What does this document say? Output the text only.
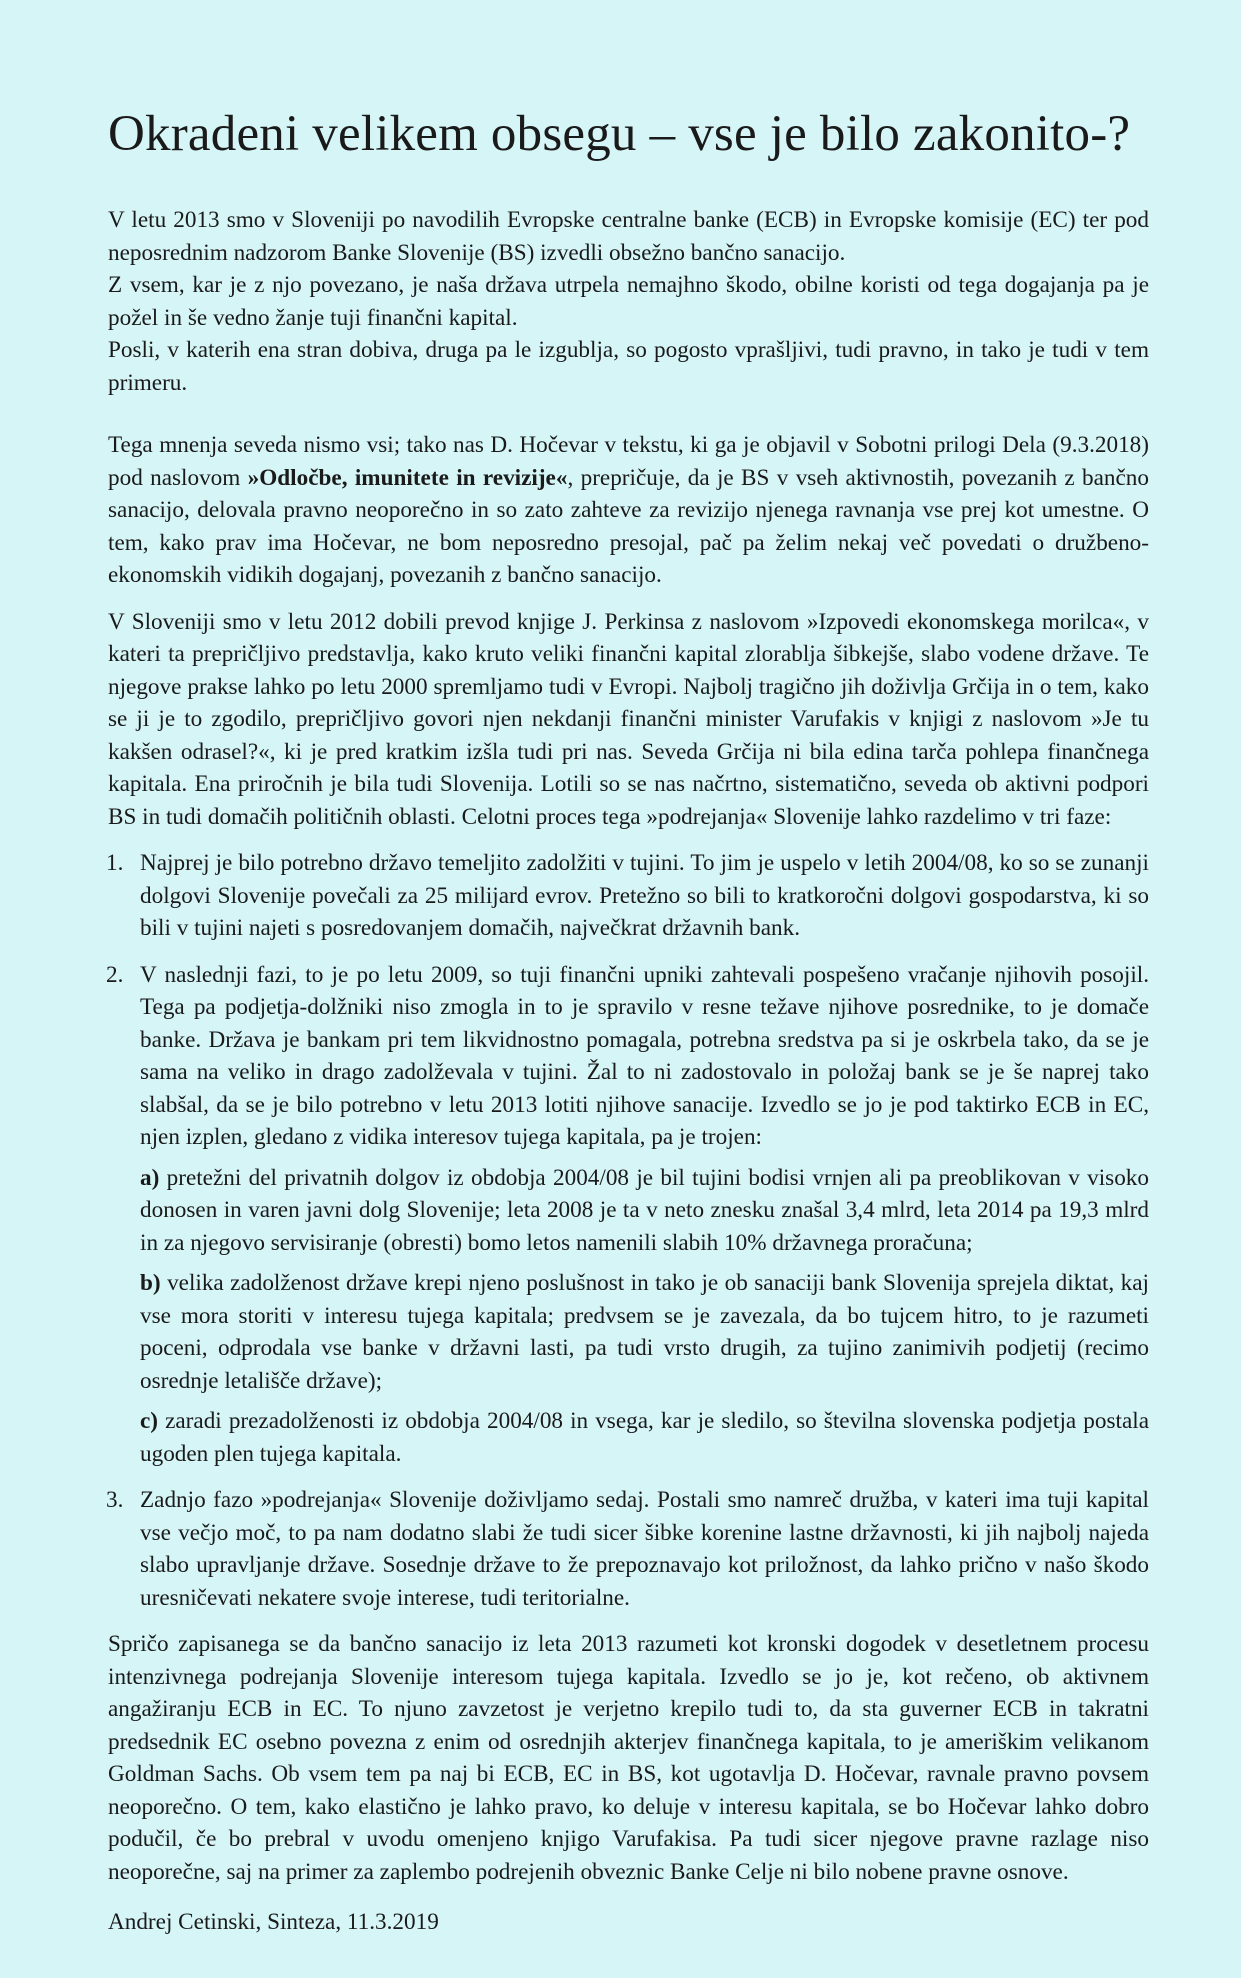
Okradeni velikem obsegu – vse je bilo zakonito-?

V letu 2013 smo v Sloveniji po navodilih Evropske centralne banke (ECB) in Evropske komisije (EC) ter pod neposrednim nadzorom Banke Slovenije (BS) izvedli obsežno bančno sanacijo.

Z vsem, kar je z njo povezano, je naša država utrpela nemajhno škodo, obilne koristi od tega dogajanja pa je požel in še vedno žanje tuji finančni kapital.

Posli, v katerih ena stran dobiva, druga pa le izgublja, so pogosto vprašljivi, tudi pravno, in tako je tudi v tem primeru.

Tega mnenja seveda nismo vsi; tako nas D. Hočevar v tekstu, ki ga je objavil v Sobotni prilogi Dela (9.3.2018) pod naslovom »Odločbe, imunitete in revizije«, prepričuje, da je BS v vseh aktivnostih, povezanih z bančno sanacijo, delovala pravno neoporečno in so zato zahteve za revizijo njenega ravnanja vse prej kot umestne. O tem, kako prav ima Hočevar, ne bom neposredno presojal, pač pa želim nekaj več povedati o družbeno-ekonomskih vidikih dogajanj, povezanih z bančno sanacijo.

V Sloveniji smo v letu 2012 dobili prevod knjige J. Perkinsa z naslovom »Izpovedi ekonomskega morilca«, v kateri ta prepričljivo predstavlja, kako kruto veliki finančni kapital zlorablja šibkejše, slabo vodene države. Te njegove prakse lahko po letu 2000 spremljamo tudi v Evropi. Najbolj tragično jih doživlja Grčija in o tem, kako se ji je to zgodilo, prepričljivo govori njen nekdanji finančni minister Varufakis v knjigi z naslovom »Je tu kakšen odrasel?«, ki je pred kratkim izšla tudi pri nas. Seveda Grčija ni bila edina tarča pohlepa finančnega kapitala. Ena priročnih je bila tudi Slovenija. Lotili so se nas načrtno, sistematično, seveda ob aktivni podpori BS in tudi domačih političnih oblasti. Celotni proces tega »podrejanja« Slovenije lahko razdelimo v tri faze:

1. Najprej je bilo potrebno državo temeljito zadolžiti v tujini. To jim je uspelo v letih 2004/08, ko so se zunanji dolgovi Slovenije povečali za 25 milijard evrov. Pretežno so bili to kratkoročni dolgovi gospodarstva, ki so bili v tujini najeti s posredovanjem domačih, največkrat državnih bank.

2. V naslednji fazi, to je po letu 2009, so tuji finančni upniki zahtevali pospešeno vračanje njihovih posojil. Tega pa podjetja-dolžniki niso zmogla in to je spravilo v resne težave njihove posrednike, to je domače banke. Država je bankam pri tem likvidnostno pomagala, potrebna sredstva pa si je oskrbela tako, da se je sama na veliko in drago zadolževala v tujini. Žal to ni zadostovalo in položaj bank se je še naprej tako slabšal, da se je bilo potrebno v letu 2013 lotiti njihove sanacije. Izvedlo se jo je pod taktirko ECB in EC, njen izplen, gledano z vidika interesov tujega kapitala, pa je trojen:

a) pretežni del privatnih dolgov iz obdobja 2004/08 je bil tujini bodisi vrnjen ali pa preoblikovan v visoko donosen in varen javni dolg Slovenije; leta 2008 je ta v neto znesku znašal 3,4 mlrd, leta 2014 pa 19,3 mlrd in za njegovo servisiranje (obresti) bomo letos namenili slabih 10% državnega proračuna;

b) velika zadolženost države krepi njeno poslušnost in tako je ob sanaciji bank Slovenija sprejela diktat, kaj vse mora storiti v interesu tujega kapitala; predvsem se je zavezala, da bo tujcem hitro, to je razumeti poceni, odprodala vse banke v državni lasti, pa tudi vrsto drugih, za tujino zanimivih podjetij (recimo osrednje letališče države);

c) zaradi prezadolženosti iz obdobja 2004/08 in vsega, kar je sledilo, so številna slovenska podjetja postala ugoden plen tujega kapitala.

3. Zadnjo fazo »podrejanja« Slovenije doživljamo sedaj. Postali smo namreč družba, v kateri ima tuji kapital vse večjo moč, to pa nam dodatno slabi že tudi sicer šibke korenine lastne državnosti, ki jih najbolj najeda slabo upravljanje države. Sosednje države to že prepoznavajo kot priložnost, da lahko pričnо v našo škodo uresničevati nekatere svoje interese, tudi teritorialne.

Spričo zapisanega se da bančno sanacijo iz leta 2013 razumeti kot kronski dogodek v desetletnem procesu intenzivnega podrejanja Slovenije interesom tujega kapitala. Izvedlo se jo je, kot rečeno, ob aktivnem angažiranju ECB in EC. To njuno zavzetost je verjetno krepilo tudi to, da sta guverner ECB in takratni predsednik EC osebno povezna z enim od osrednjih akterjev finančnega kapitala, to je ameriškim velikanom Goldman Sachs. Ob vsem tem pa naj bi ECB, EC in BS, kot ugotavlja D. Hočevar, ravnale pravno povsem neoporečno. O tem, kako elastično je lahko pravo, ko deluje v interesu kapitala, se bo Hočevar lahko dobro podučil, če bo prebral v uvodu omenjeno knjigo Varufakisa. Pa tudi sicer njegove pravne razlage niso neoporečne, saj na primer za zaplembo podrejenih obveznic Banke Celje ni bilo nobene pravne osnove.

Andrej Cetinski, Sinteza, 11.3.2019
